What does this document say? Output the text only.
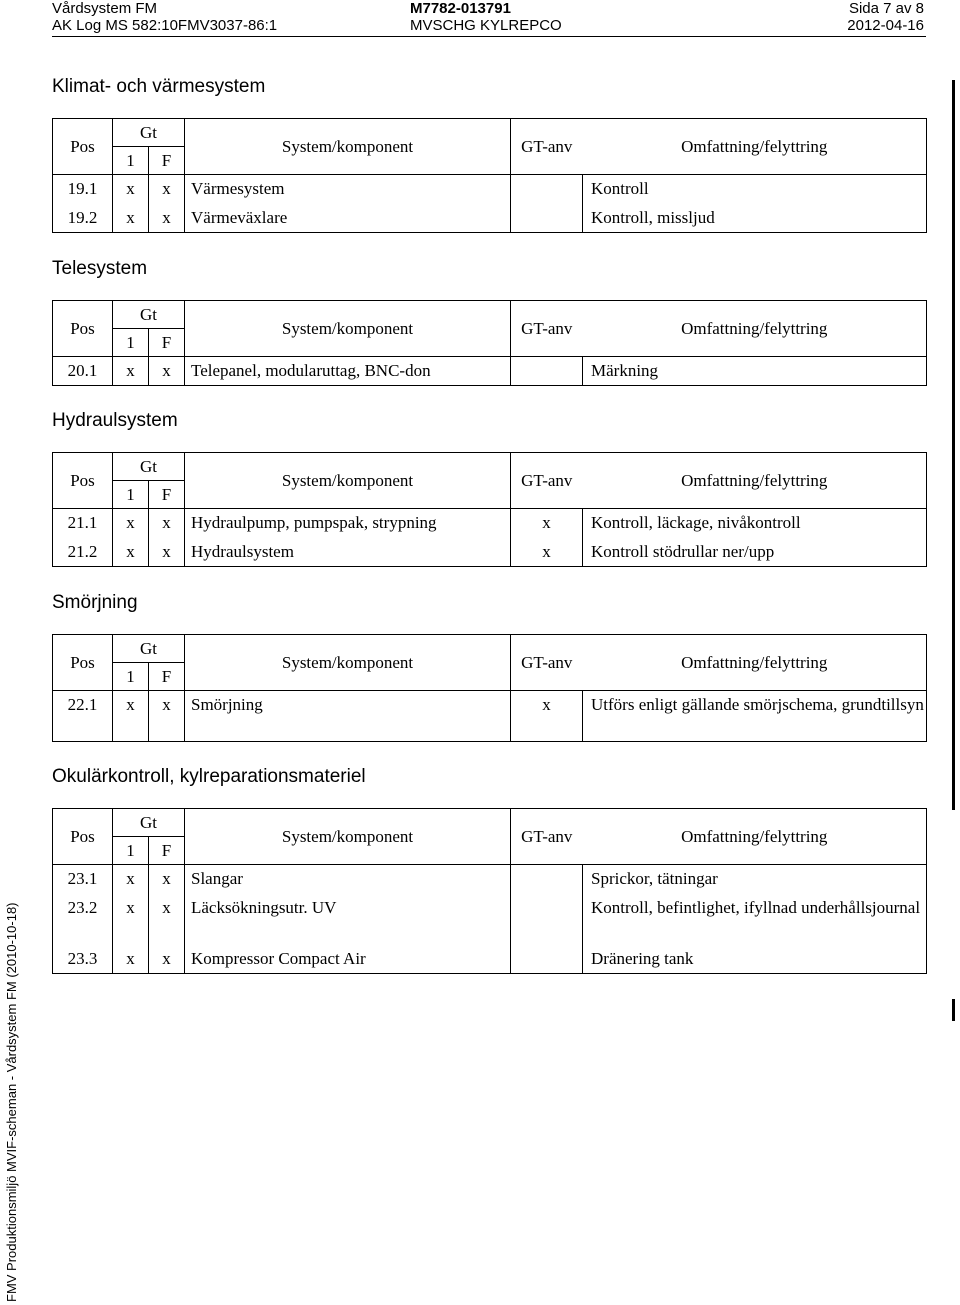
Vårdsystem FM
AK Log MS 582:10FMV3037-86:1
M7782-013791
MVSCHG KYLREPCO
Sida 7 av 8
2012-04-16
Klimat- och värmesystem
Pos	Gt		System/komponent	GT-anv	Omfattning/felyttring
	1	F			
19.1	x	x	Värmesystem		Kontroll
19.2	x	x	Värmeväxlare		Kontroll, missljud
Telesystem
Pos	Gt		System/komponent	GT-anv	Omfattning/felyttring
	1	F			
20.1	x	x	Telepanel, modularuttag, BNC-don		Märkning
Hydraulsystem
Pos	Gt		System/komponent	GT-anv	Omfattning/felyttring
	1	F			
21.1	x	x	Hydraulpump, pumpspak, strypning	x	Kontroll, läckage, nivåkontroll
21.2	x	x	Hydraulsystem	x	Kontroll stödrullar ner/upp
Smörjning
Pos	Gt		System/komponent	GT-anv	Omfattning/felyttring
	1	F			
22.1	x	x	Smörjning	x	Utförs enligt gällande smörjschema, grundtillsyn
Okulärkontroll, kylreparationsmateriel
Pos	Gt		System/komponent	GT-anv	Omfattning/felyttring
	1	F			
23.1	x	x	Slangar		Sprickor, tätningar
23.2	x	x	Läcksökningsutr. UV		Kontroll, befintlighet, ifyllnad underhållsjournal
23.3	x	x	Kompressor Compact Air		Dränering tank
FMV Produktionsmiljö MVIF-scheman - Vårdsystem FM (2010-10-18)
